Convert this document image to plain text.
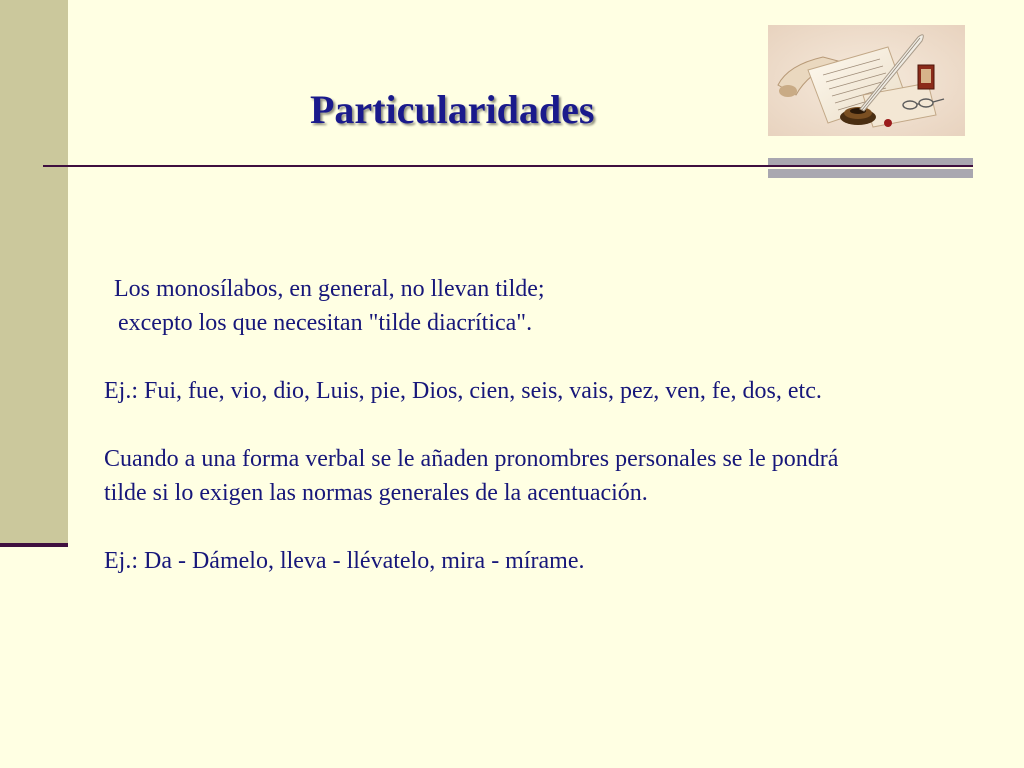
Particularidades
Los monosílabos, en general, no llevan tilde;
excepto los que necesitan "tilde diacrítica".
Ej.: Fui, fue, vio, dio, Luis, pie, Dios, cien, seis, vais, pez, ven, fe, dos, etc.
Cuando a una forma verbal se le añaden pronombres personales se le pondrá
tilde si lo exigen las normas generales de la acentuación.
Ej.: Da - Dámelo, lleva - llévatelo, mira - mírame.
